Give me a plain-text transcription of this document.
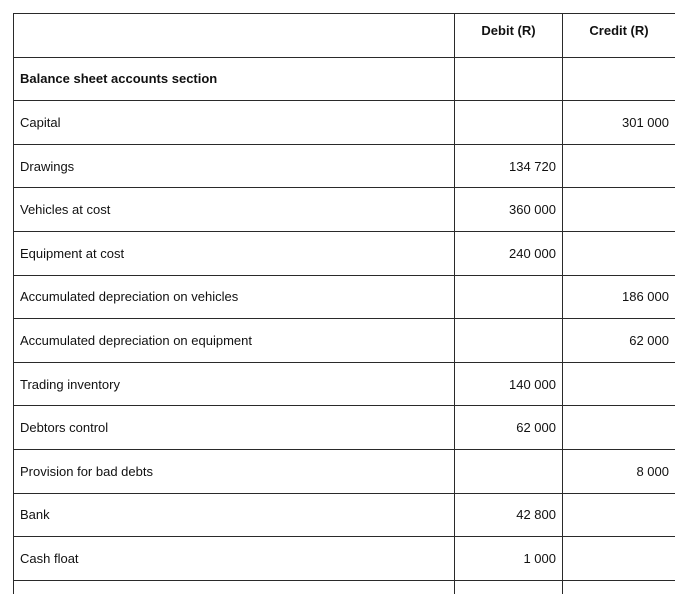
	Debit (R)	Credit (R)
Balance sheet accounts section		
Capital		301 000
Drawings	134 720	
Vehicles at cost	360 000	
Equipment at cost	240 000	
Accumulated depreciation on vehicles		186 000
Accumulated depreciation on equipment		62 000
Trading inventory	140 000	
Debtors control	62 000	
Provision for bad debts		8 000
Bank	42 800	
Cash float	1 000	
